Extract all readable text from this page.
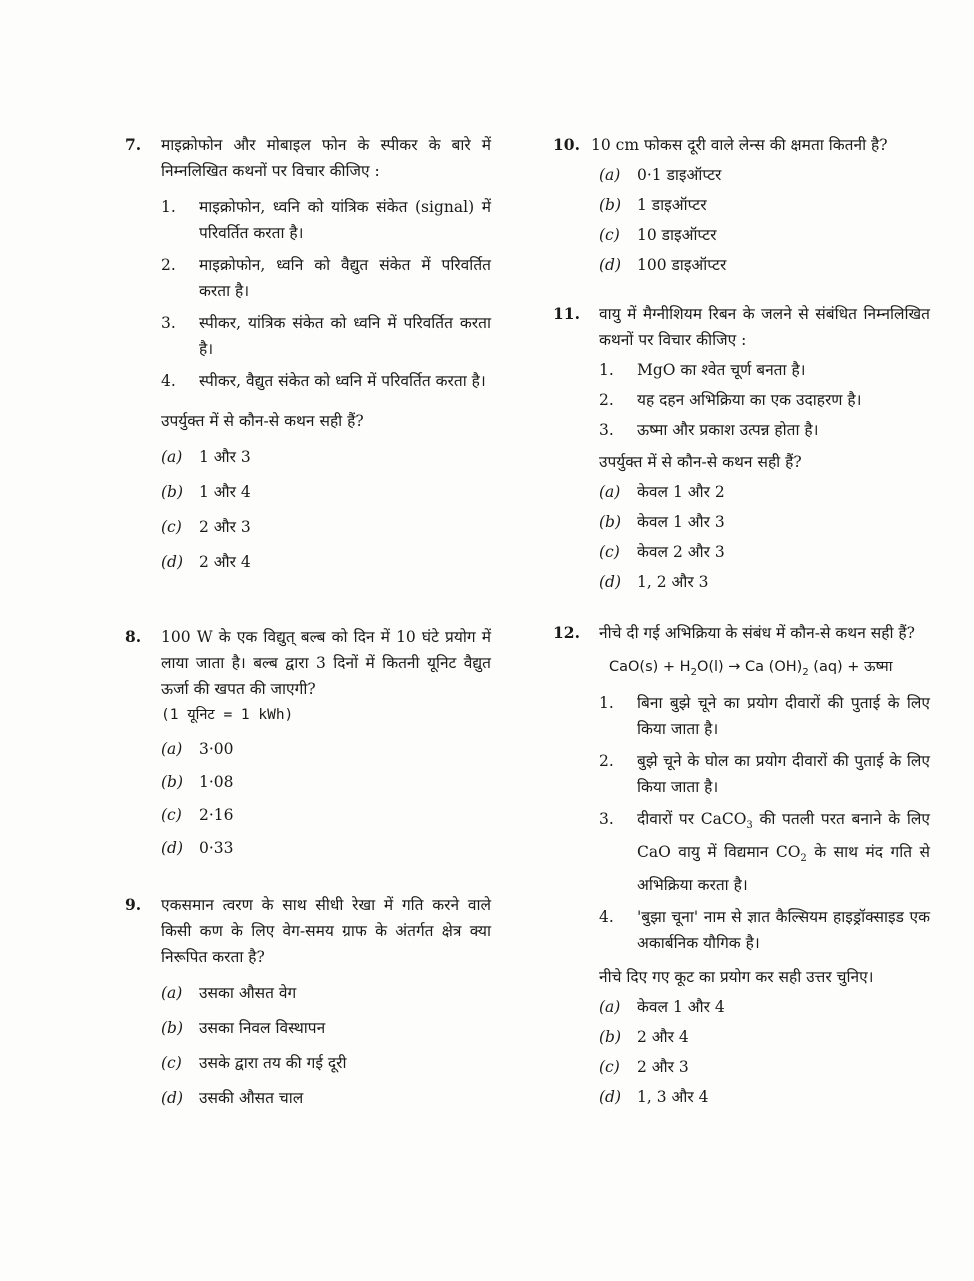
7. माइक्रोफोन और मोबाइल फोन के स्पीकर के बारे में निम्नलिखित कथनों पर विचार कीजिए :
1. माइक्रोफोन, ध्वनि को यांत्रिक संकेत (signal) में परिवर्तित करता है।
2. माइक्रोफोन, ध्वनि को वैद्युत संकेत में परिवर्तित करता है।
3. स्पीकर, यांत्रिक संकेत को ध्वनि में परिवर्तित करता है।
4. स्पीकर, वैद्युत संकेत को ध्वनि में परिवर्तित करता है।
उपर्युक्त में से कौन-से कथन सही हैं?
(a) 1 और 3
(b) 1 और 4
(c) 2 और 3
(d) 2 और 4
8. 100 W के एक विद्युत् बल्ब को दिन में 10 घंटे प्रयोग में लाया जाता है। बल्ब द्वारा 3 दिनों में कितनी यूनिट वैद्युत ऊर्जा की खपत की जाएगी?
(1 यूनिट = 1 kWh)
(a) 3·00
(b) 1·08
(c) 2·16
(d) 0·33
9. एकसमान त्वरण के साथ सीधी रेखा में गति करने वाले किसी कण के लिए वेग-समय ग्राफ के अंतर्गत क्षेत्र क्या निरूपित करता है?
(a) उसका औसत वेग
(b) उसका निवल विस्थापन
(c) उसके द्वारा तय की गई दूरी
(d) उसकी औसत चाल
10. 10 cm फोकस दूरी वाले लेन्स की क्षमता कितनी है?
(a) 0·1 डाइऑप्टर
(b) 1 डाइऑप्टर
(c) 10 डाइऑप्टर
(d) 100 डाइऑप्टर
11. वायु में मैग्नीशियम रिबन के जलने से संबंधित निम्नलिखित कथनों पर विचार कीजिए :
1. MgO का श्वेत चूर्ण बनता है।
2. यह दहन अभिक्रिया का एक उदाहरण है।
3. ऊष्मा और प्रकाश उत्पन्न होता है।
उपर्युक्त में से कौन-से कथन सही हैं?
(a) केवल 1 और 2
(b) केवल 1 और 3
(c) केवल 2 और 3
(d) 1, 2 और 3
12. नीचे दी गई अभिक्रिया के संबंध में कौन-से कथन सही हैं?
$CaO(s) + H_2O(l) \to Ca$ $(OH)_2$ (aq) + ऊष्मा
1. बिना बुझे चूने का प्रयोग दीवारों की पुताई के लिए किया जाता है।
2. बुझे चूने के घोल का प्रयोग दीवारों की पुताई के लिए किया जाता है।
3. दीवारों पर CaCO$_3$ की पतली परत बनाने के लिए CaO वायु में विद्यमान $CO_2$ के साथ मंद गति से अभिक्रिया करता है।
4. 'बुझा चूना' नाम से ज्ञात कैल्सियम हाइड्रॉक्साइड एक अकार्बनिक यौगिक है।
नीचे दिए गए कूट का प्रयोग कर सही उत्तर चुनिए।
(a) केवल 1 और 4
(b) 2 और 4
(c) 2 और 3
(d) 1, 3 और 4
